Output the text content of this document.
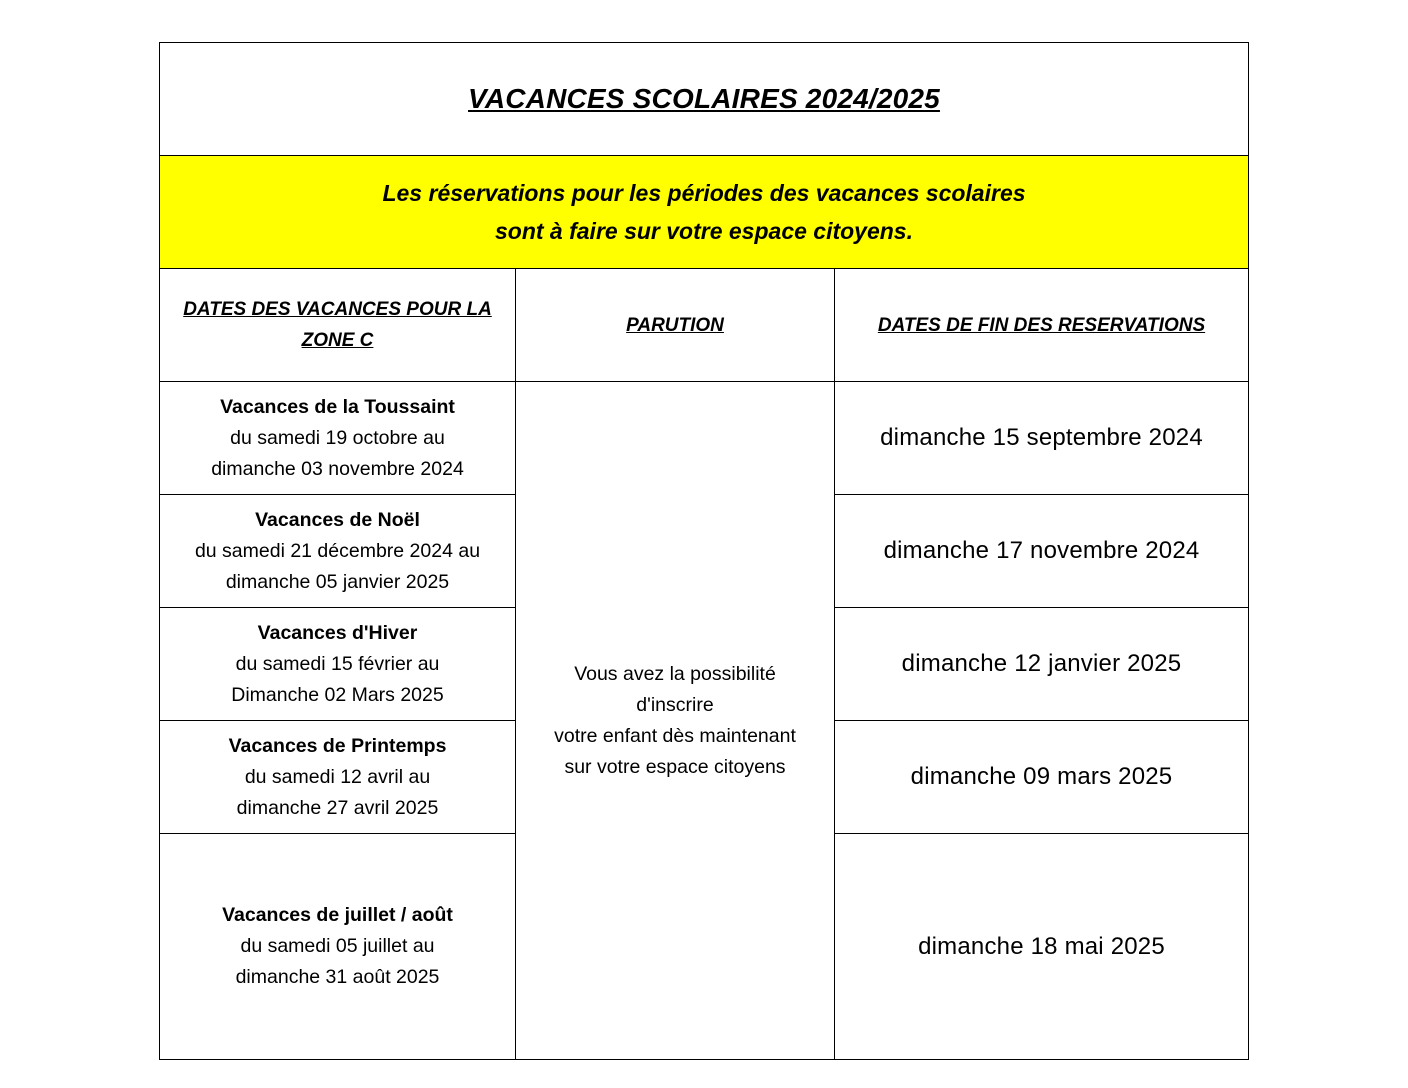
VACANCES SCOLAIRES 2024/2025		

Les réservations pour les périodes des vacances scolaires
sont à faire sur votre espace citoyens.		

DATES DES VACANCES POUR LA
ZONE C	PARUTION	DATES DE FIN DES RESERVATIONS

Vacances de la Toussaint
du samedi 19 octobre au
dimanche 03 novembre 2024	Vous avez la possibilité
d'inscrire
votre enfant dès maintenant
sur votre espace citoyens	dimanche 15 septembre 2024

Vacances de Noël
du samedi 21 décembre 2024 au
dimanche 05 janvier 2025		dimanche 17 novembre 2024

Vacances d'Hiver
du samedi 15 février au
Dimanche 02 Mars 2025		dimanche 12 janvier 2025

Vacances de Printemps
du samedi 12 avril au
dimanche 27 avril 2025		dimanche 09 mars 2025

Vacances de juillet / août
du samedi 05 juillet au
dimanche 31 août 2025		dimanche 18 mai 2025
